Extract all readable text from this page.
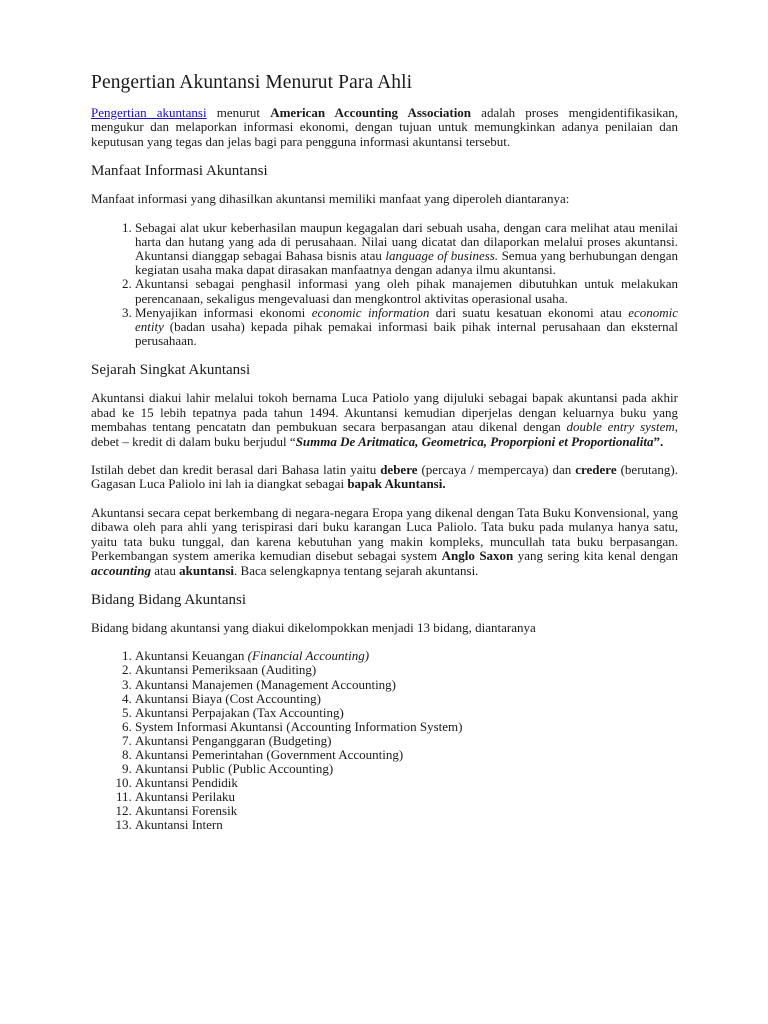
Pengertian Akuntansi Menurut Para Ahli

Pengertian akuntansi menurut American Accounting Association adalah proses mengidentifikasikan, mengukur dan melaporkan informasi ekonomi, dengan tujuan untuk memungkinkan adanya penilaian dan keputusan yang tegas dan jelas bagi para pengguna informasi akuntansi tersebut.

Manfaat Informasi Akuntansi

Manfaat informasi yang dihasilkan akuntansi memiliki manfaat yang diperoleh diantaranya:

1. Sebagai alat ukur keberhasilan maupun kegagalan dari sebuah usaha, dengan cara melihat atau menilai harta dan hutang yang ada di perusahaan. Nilai uang dicatat dan dilaporkan melalui proses akuntansi. Akuntansi dianggap sebagai Bahasa bisnis atau language of business. Semua yang berhubungan dengan kegiatan usaha maka dapat dirasakan manfaatnya dengan adanya ilmu akuntansi.
2. Akuntansi sebagai penghasil informasi yang oleh pihak manajemen dibutuhkan untuk melakukan perencanaan, sekaligus mengevaluasi dan mengkontrol aktivitas operasional usaha.
3. Menyajikan informasi ekonomi economic information dari suatu kesatuan ekonomi atau economic entity (badan usaha) kepada pihak pemakai informasi baik pihak internal perusahaan dan eksternal perusahaan.
Sejarah Singkat Akuntansi

Akuntansi diakui lahir melalui tokoh bernama Luca Patiolo yang dijuluki sebagai bapak akuntansi pada akhir abad ke 15 lebih tepatnya pada tahun 1494. Akuntansi kemudian diperjelas dengan keluarnya buku yang membahas tentang pencatatn dan pembukuan secara berpasangan atau dikenal dengan double entry system, debet – kredit di dalam buku berjudul “Summa De Aritmatica, Geometrica, Proporpioni et Proportionalita”.

Istilah debet dan kredit berasal dari Bahasa latin yaitu debere (percaya / mempercaya) dan credere (berutang). Gagasan Luca Paliolo ini lah ia diangkat sebagai bapak Akuntansi.

Akuntansi secara cepat berkembang di negara-negara Eropa yang dikenal dengan Tata Buku Konvensional, yang dibawa oleh para ahli yang terispirasi dari buku karangan Luca Paliolo. Tata buku pada mulanya hanya satu, yaitu tata buku tunggal, dan karena kebutuhan yang makin kompleks, muncullah tata buku berpasangan. Perkembangan system amerika kemudian disebut sebagai system Anglo Saxon yang sering kita kenal dengan accounting atau akuntansi. Baca selengkapnya tentang sejarah akuntansi.

Bidang Bidang Akuntansi

Bidang bidang akuntansi yang diakui dikelompokkan menjadi 13 bidang, diantaranya

1. Akuntansi Keuangan (Financial Accounting)
2. Akuntansi Pemeriksaan (Auditing)
3. Akuntansi Manajemen (Management Accounting)
4. Akuntansi Biaya (Cost Accounting)
5. Akuntansi Perpajakan (Tax Accounting)
6. System Informasi Akuntansi (Accounting Information System)
7. Akuntansi Penganggaran (Budgeting)
8. Akuntansi Pemerintahan (Government Accounting)
9. Akuntansi Public (Public Accounting)
10. Akuntansi Pendidik
11. Akuntansi Perilaku
12. Akuntansi Forensik
13. Akuntansi Intern
